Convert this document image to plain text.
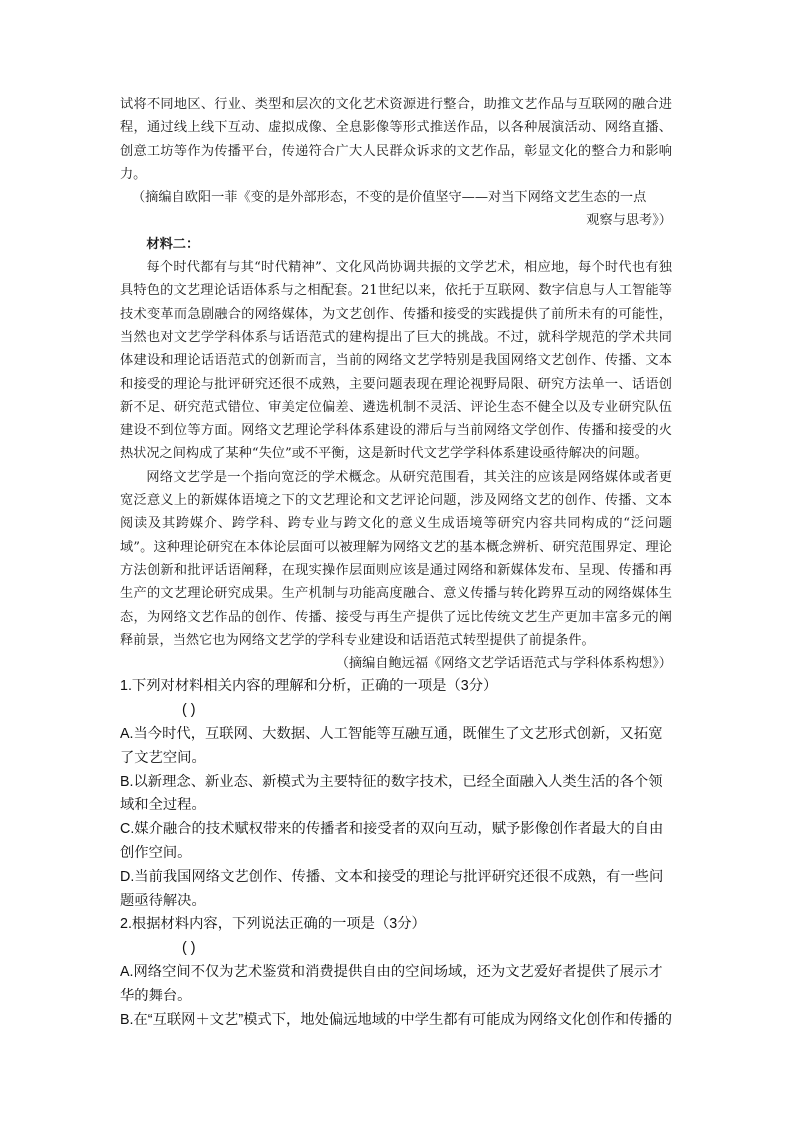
试将不同地区、行业、类型和层次的文化艺术资源进行整合，助推文艺作品与互联网的融合进程，通过线上线下互动、虚拟成像、全息影像等形式推送作品，以各种展演活动、网络直播、创意工坊等作为传播平台，传递符合广大人民群众诉求的文艺作品，彰显文化的整合力和影响力。

（摘编自欧阳一菲《变的是外部形态，不变的是价值坚守——对当下网络文艺生态的一点

观察与思考》）

材料二：

每个时代都有与其“时代精神”、文化风尚协调共振的文学艺术，相应地，每个时代也有独具特色的文艺理论话语体系与之相配套。21世纪以来，依托于互联网、数字信息与人工智能等技术变革而急剧融合的网络媒体，为文艺创作、传播和接受的实践提供了前所未有的可能性，当然也对文艺学学科体系与话语范式的建构提出了巨大的挑战。不过，就科学规范的学术共同体建设和理论话语范式的创新而言，当前的网络文艺学特别是我国网络文艺创作、传播、文本和接受的理论与批评研究还很不成熟，主要问题表现在理论视野局限、研究方法单一、话语创新不足、研究范式错位、审美定位偏差、遴选机制不灵活、评论生态不健全以及专业研究队伍建设不到位等方面。网络文艺理论学科体系建设的滞后与当前网络文学创作、传播和接受的火热状况之间构成了某种“失位”或不平衡，这是新时代文艺学学科体系建设亟待解决的问题。

网络文艺学是一个指向宽泛的学术概念。从研究范围看，其关注的应该是网络媒体或者更宽泛意义上的新媒体语境之下的文艺理论和文艺评论问题，涉及网络文艺的创作、传播、文本阅读及其跨媒介、跨学科、跨专业与跨文化的意义生成语境等研究内容共同构成的“泛问题域”。这种理论研究在本体论层面可以被理解为网络文艺的基本概念辨析、研究范围界定、理论方法创新和批评话语阐释，在现实操作层面则应该是通过网络和新媒体发布、呈现、传播和再生产的文艺理论研究成果。生产机制与功能高度融合、意义传播与转化跨界互动的网络媒体生态，为网络文艺作品的创作、传播、接受与再生产提供了远比传统文艺生产更加丰富多元的阐释前景，当然它也为网络文艺学的学科专业建设和话语范式转型提供了前提条件。

（摘编自鲍远福《网络文艺学话语范式与学科体系构想》）

1.下列对材料相关内容的理解和分析，正确的一项是（3分）

( )

A.当今时代，互联网、大数据、人工智能等互融互通，既催生了文艺形式创新，又拓宽了文艺空间。

B.以新理念、新业态、新模式为主要特征的数字技术，已经全面融入人类生活的各个领域和全过程。

C.媒介融合的技术赋权带来的传播者和接受者的双向互动，赋予影像创作者最大的自由创作空间。

D.当前我国网络文艺创作、传播、文本和接受的理论与批评研究还很不成熟，有一些问题亟待解决。

2.根据材料内容，下列说法正确的一项是（3分）

( )

A.网络空间不仅为艺术鉴赏和消费提供自由的空间场域，还为文艺爱好者提供了展示才华的舞台。

B.在“互联网＋文艺”模式下，地处偏远地域的中学生都有可能成为网络文化创作和传播的
